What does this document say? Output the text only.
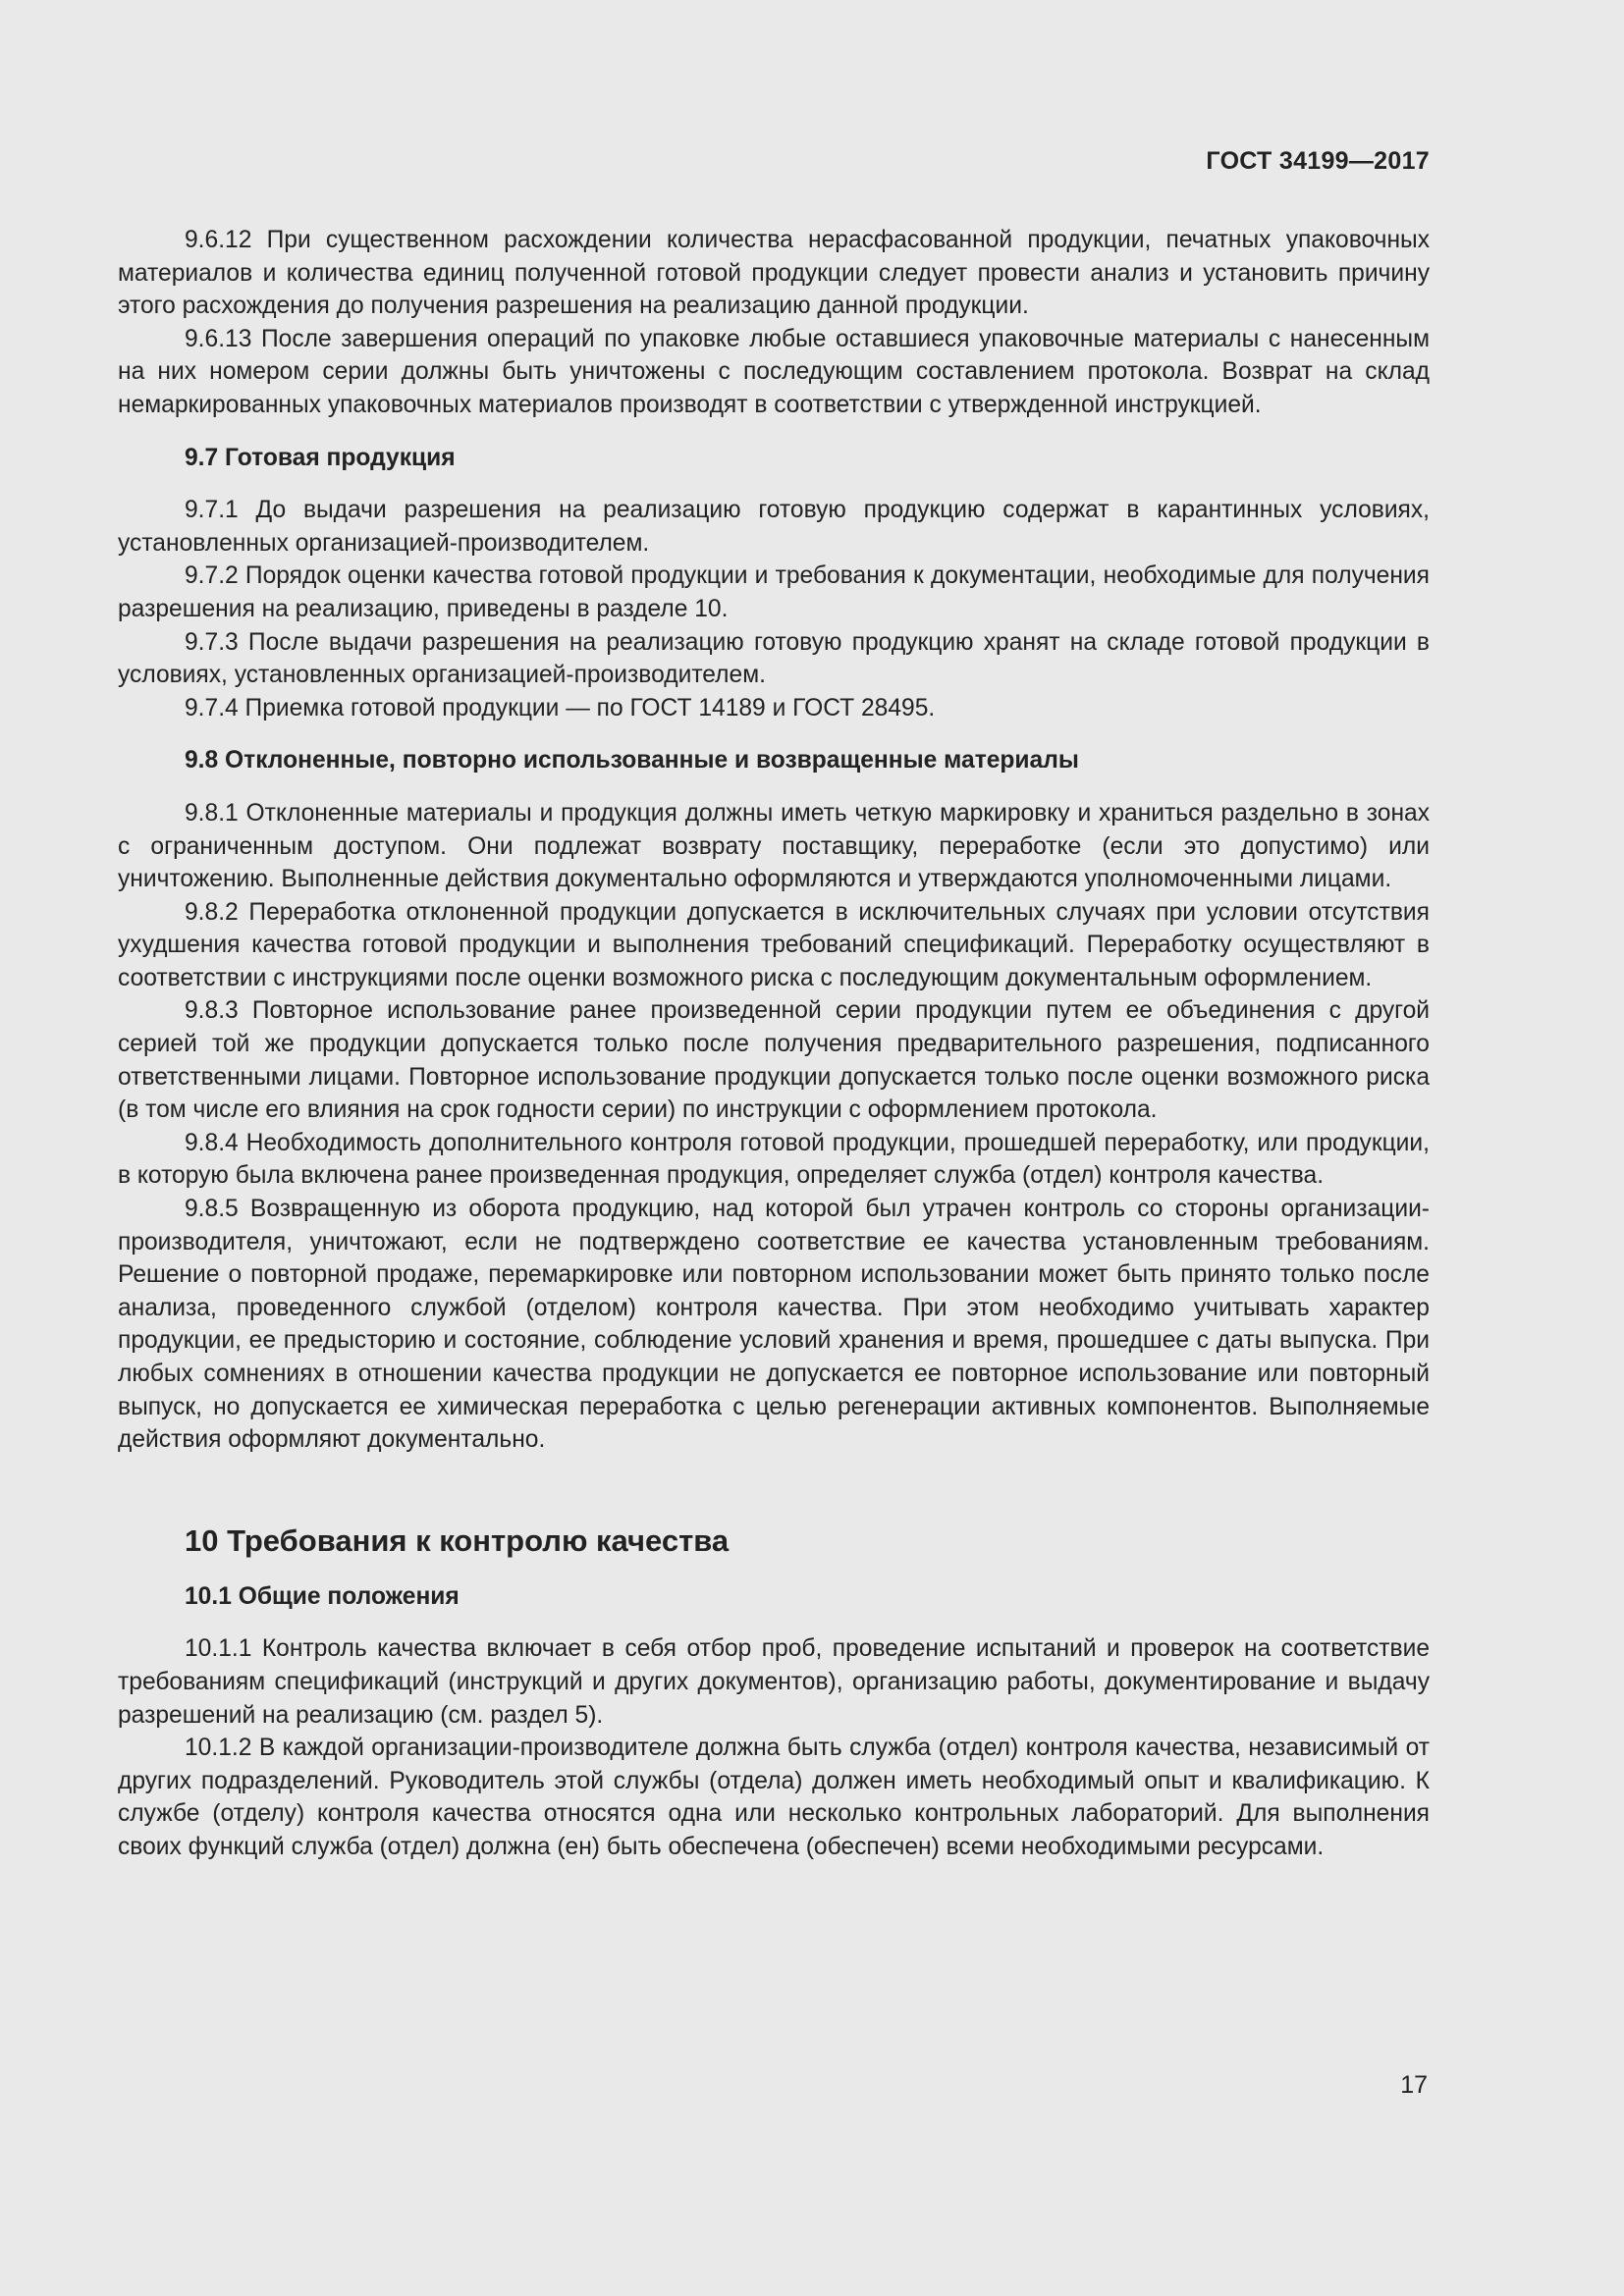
ГОСТ 34199—2017

9.6.12 При существенном расхождении количества нерасфасованной продукции, печатных упаковочных материалов и количества единиц полученной готовой продукции следует провести анализ и установить причину этого расхождения до получения разрешения на реализацию данной продукции.

9.6.13 После завершения операций по упаковке любые оставшиеся упаковочные материалы с нанесенным на них номером серии должны быть уничтожены с последующим составлением протокола. Возврат на склад немаркированных упаковочных материалов производят в соответствии с утвержденной инструкцией.

9.7 Готовая продукция

9.7.1 До выдачи разрешения на реализацию готовую продукцию содержат в карантинных условиях, установленных организацией-производителем.

9.7.2 Порядок оценки качества готовой продукции и требования к документации, необходимые для получения разрешения на реализацию, приведены в разделе 10.

9.7.3 После выдачи разрешения на реализацию готовую продукцию хранят на складе готовой продукции в условиях, установленных организацией-производителем.

9.7.4 Приемка готовой продукции — по ГОСТ 14189 и ГОСТ 28495.

9.8 Отклоненные, повторно использованные и возвращенные материалы

9.8.1 Отклоненные материалы и продукция должны иметь четкую маркировку и храниться раздельно в зонах с ограниченным доступом. Они подлежат возврату поставщику, переработке (если это допустимо) или уничтожению. Выполненные действия документально оформляются и утверждаются уполномоченными лицами.

9.8.2 Переработка отклоненной продукции допускается в исключительных случаях при условии отсутствия ухудшения качества готовой продукции и выполнения требований спецификаций. Переработку осуществляют в соответствии с инструкциями после оценки возможного риска с последующим документальным оформлением.

9.8.3 Повторное использование ранее произведенной серии продукции путем ее объединения с другой серией той же продукции допускается только после получения предварительного разрешения, подписанного ответственными лицами. Повторное использование продукции допускается только после оценки возможного риска (в том числе его влияния на срок годности серии) по инструкции с оформлением протокола.

9.8.4 Необходимость дополнительного контроля готовой продукции, прошедшей переработку, или продукции, в которую была включена ранее произведенная продукция, определяет служба (отдел) контроля качества.

9.8.5 Возвращенную из оборота продукцию, над которой был утрачен контроль со стороны организации-производителя, уничтожают, если не подтверждено соответствие ее качества установленным требованиям. Решение о повторной продаже, перемаркировке или повторном использовании может быть принято только после анализа, проведенного службой (отделом) контроля качества. При этом необходимо учитывать характер продукции, ее предысторию и состояние, соблюдение условий хранения и время, прошедшее с даты выпуска. При любых сомнениях в отношении качества продукции не допускается ее повторное использование или повторный выпуск, но допускается ее химическая переработка с целью регенерации активных компонентов. Выполняемые действия оформляют документально.

10 Требования к контролю качества
10.1 Общие положения

10.1.1 Контроль качества включает в себя отбор проб, проведение испытаний и проверок на соответствие требованиям спецификаций (инструкций и других документов), организацию работы, документирование и выдачу разрешений на реализацию (см. раздел 5).

10.1.2 В каждой организации-производителе должна быть служба (отдел) контроля качества, независимый от других подразделений. Руководитель этой службы (отдела) должен иметь необходимый опыт и квалификацию. К службе (отделу) контроля качества относятся одна или несколько контрольных лабораторий. Для выполнения своих функций служба (отдел) должна (ен) быть обеспечена (обеспечен) всеми необходимыми ресурсами.

17
